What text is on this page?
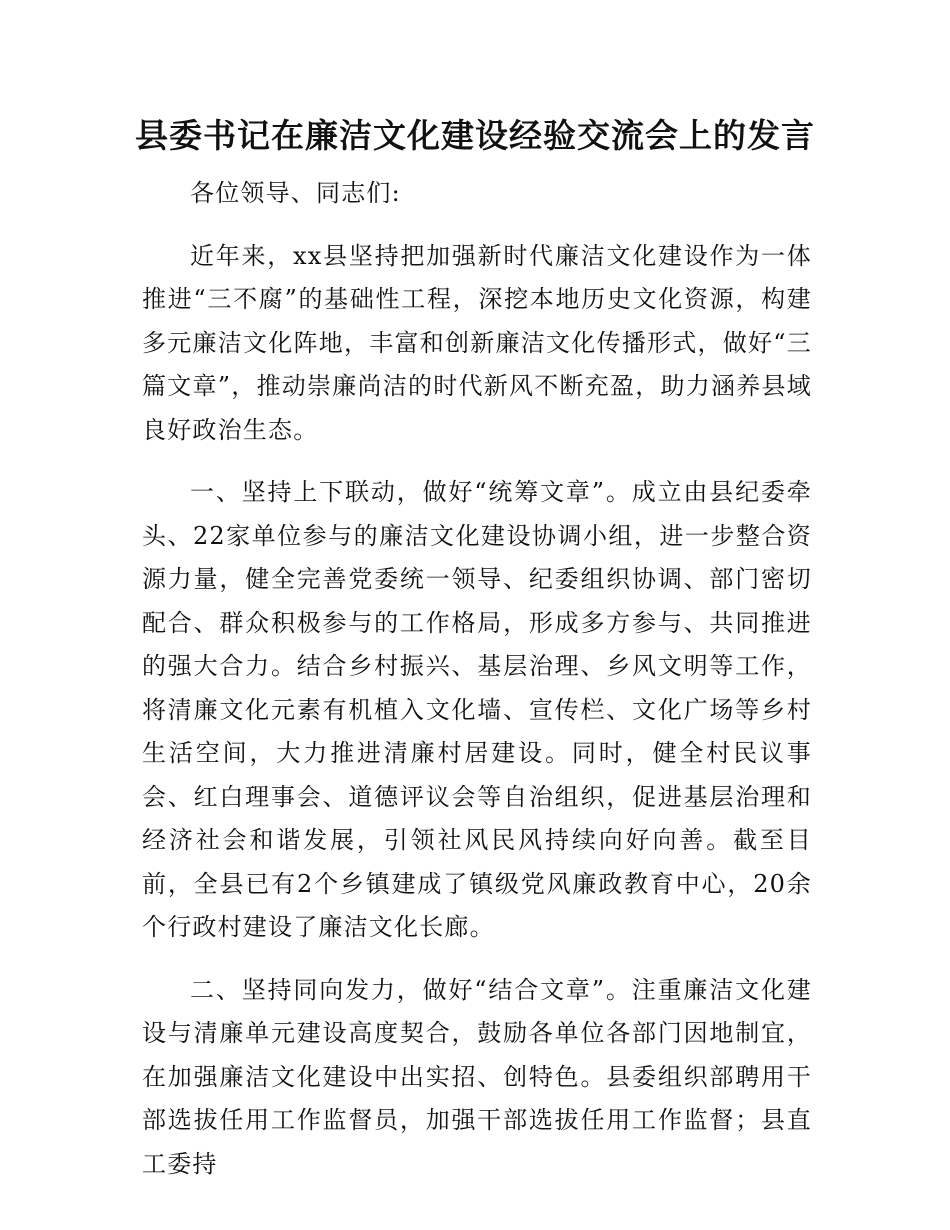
县委书记在廉洁文化建设经验交流会上的发言

各位领导、同志们:

近年来，xx县坚持把加强新时代廉洁文化建设作为一体推进“三不腐”的基础性工程，深挖本地历史文化资源，构建多元廉洁文化阵地，丰富和创新廉洁文化传播形式，做好“三篇文章”，推动崇廉尚洁的时代新风不断充盈，助力涵养县域良好政治生态。

一、坚持上下联动，做好“统筹文章”。成立由县纪委牵头、22家单位参与的廉洁文化建设协调小组，进一步整合资源力量，健全完善党委统一领导、纪委组织协调、部门密切配合、群众积极参与的工作格局，形成多方参与、共同推进的强大合力。结合乡村振兴、基层治理、乡风文明等工作，将清廉文化元素有机植入文化墙、宣传栏、文化广场等乡村生活空间，大力推进清廉村居建设。同时，健全村民议事会、红白理事会、道德评议会等自治组织，促进基层治理和经济社会和谐发展，引领社风民风持续向好向善。截至目前，全县已有2个乡镇建成了镇级党风廉政教育中心，20余个行政村建设了廉洁文化长廊。

二、坚持同向发力，做好“结合文章”。注重廉洁文化建设与清廉单元建设高度契合，鼓励各单位各部门因地制宜，在加强廉洁文化建设中出实招、创特色。县委组织部聘用干部选拔任用工作监督员，加强干部选拔任用工作监督；县直工委持
